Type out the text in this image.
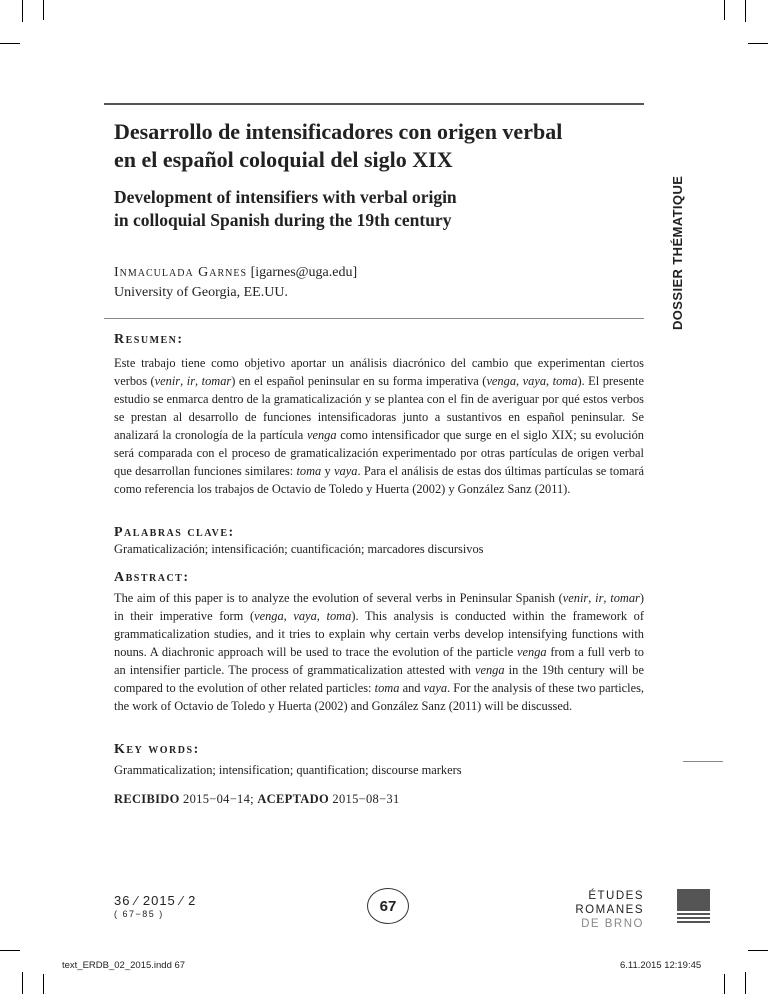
Desarrollo de intensificadores con origen verbal
en el español coloquial del siglo XIX
Development of intensifiers with verbal origin
in colloquial Spanish during the 19th century	DOSSIER THÉMATIQUE
Inmaculada Garnes [igarnes@uga.edu]
University of Georgia, EE.UU.
Resumen:

Este trabajo tiene como objetivo aportar un análisis diacrónico del cambio que experimentan ciertos verbos (venir, ir, tomar) en el español peninsular en su forma imperativa (venga, vaya, toma). El presente estudio se enmarca dentro de la gramaticalización y se plantea con el fin de averiguar por qué estos verbos se prestan al desarrollo de funciones intensificadoras junto a sustantivos en español peninsular. Se analizará la cronología de la partícula venga como intensificador que surge en el siglo XIX; su evolución será comparada con el proceso de gramaticalización experimentado por otras partículas de origen verbal que desarrollan funciones similares: toma y vaya. Para el análisis de estas dos últimas partículas se tomará como referencia los trabajos de Octavio de Toledo y Huerta (2002) y González Sanz (2011).

Palabras clave:

Gramaticalización; intensificación; cuantificación; marcadores discursivos

Abstract:

The aim of this paper is to analyze the evolution of several verbs in Peninsular Spanish (venir, ir, tomar) in their imperative form (venga, vaya, toma). This analysis is conducted within the framework of grammaticalization studies, and it tries to explain why certain verbs develop intensifying functions with nouns. A diachronic approach will be used to trace the evolution of the particle venga from a full verb to an intensifier particle. The process of grammaticalization attested with venga in the 19th century will be compared to the evolution of other related particles: toma and vaya. For the analysis of these two particles, the work of Octavio de Toledo y Huerta (2002) and González Sanz (2011) will be discussed.

Key words:

Grammaticalization; intensification; quantification; discourse markers

RECIBIDO 2015−04−14; ACEPTADO 2015−08−31
36 ⁄ 2015 ⁄ 2
( 67−85 )	67
ÉTUDES
ROMANES
DE BRNO
text_ERDB_02_2015.indd 67	6.11.2015 12:19:45
